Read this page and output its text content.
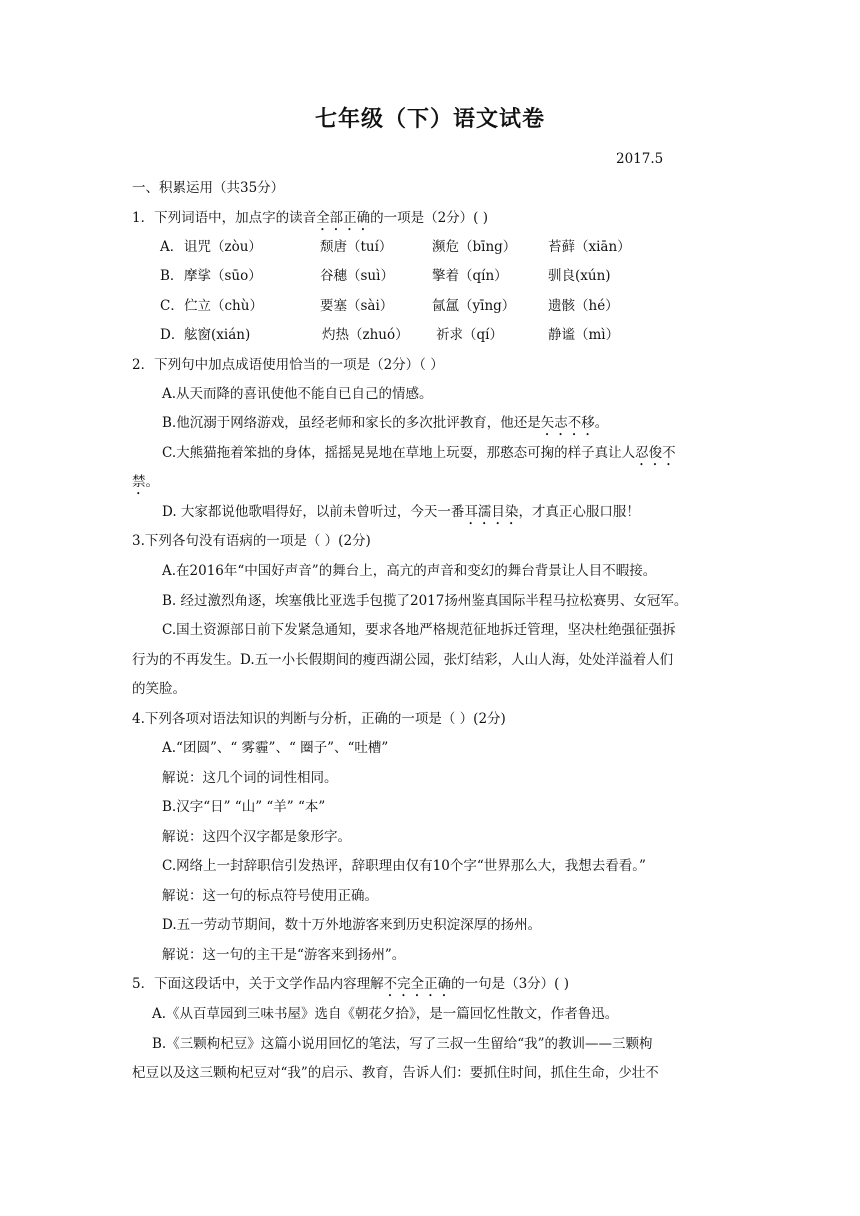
七年级（下）语文试卷
2017.5
一、积累运用（共35分）
1．下列词语中，加点字的读音全部正确的一项是（2分）( )
A． 诅咒（zòu）	颓唐（tuí）	濒危（bīng） 苔藓（xiān）
B． 摩挲（sūo）	谷穗（suì）	擎着（qín）	驯良(xún)
C． 伫立（chù）	要塞（sài）	氤氲（yīng） 遗骸（hé）
D． 舷窗(xián)	灼热（zhuó） 祈求（qí）	静谧（mì）
2．下列句中加点成语使用恰当的一项是（2分）（ ）
A.从天而降的喜讯使他不能自已自己的情感。
B.他沉溺于网络游戏，虽经老师和家长的多次批评教育，他还是矢志不移。
C.大熊猫拖着笨拙的身体，摇摇晃晃地在草地上玩耍，那憨态可掬的样子真让人忍俊不
禁。
D. 大家都说他歌唱得好，以前未曾听过，今天一番耳濡目染，才真正心服口服！
3.下列各句没有语病的一项是（ ）(2分)
A.在2016年“中国好声音”的舞台上，高亢的声音和变幻的舞台背景让人目不暇接。
B. 经过激烈角逐，埃塞俄比亚选手包揽了2017扬州鉴真国际半程马拉松赛男、女冠军。
C.国土资源部日前下发紧急通知，要求各地严格规范征地拆迁管理，坚决杜绝强征强拆
行为的不再发生。D.五一小长假期间的瘦西湖公园，张灯结彩，人山人海，处处洋溢着人们
的笑脸。
4.下列各项对语法知识的判断与分析，正确的一项是（ ）(2分)
A.“团圆”、“ 雾霾”、“ 圈子”、“吐槽”
解说：这几个词的词性相同。
B.汉字“日” “山” “羊” “本”
解说：这四个汉字都是象形字。
C.网络上一封辞职信引发热评，辞职理由仅有10个字“世界那么大，我想去看看。”
解说：这一句的标点符号使用正确。
D.五一劳动节期间，数十万外地游客来到历史积淀深厚的扬州。
解说：这一句的主干是“游客来到扬州”。
5．下面这段话中，关于文学作品内容理解不完全正确的一句是（3分）( )
A.《从百草园到三味书屋》选自《朝花夕拾》，是一篇回忆性散文，作者鲁迅。
B.《三颗枸杞豆》这篇小说用回忆的笔法，写了三叔一生留给“我”的教训——三颗枸
杞豆以及这三颗枸杞豆对“我”的启示、教育，告诉人们：要抓住时间，抓住生命，少壮不
